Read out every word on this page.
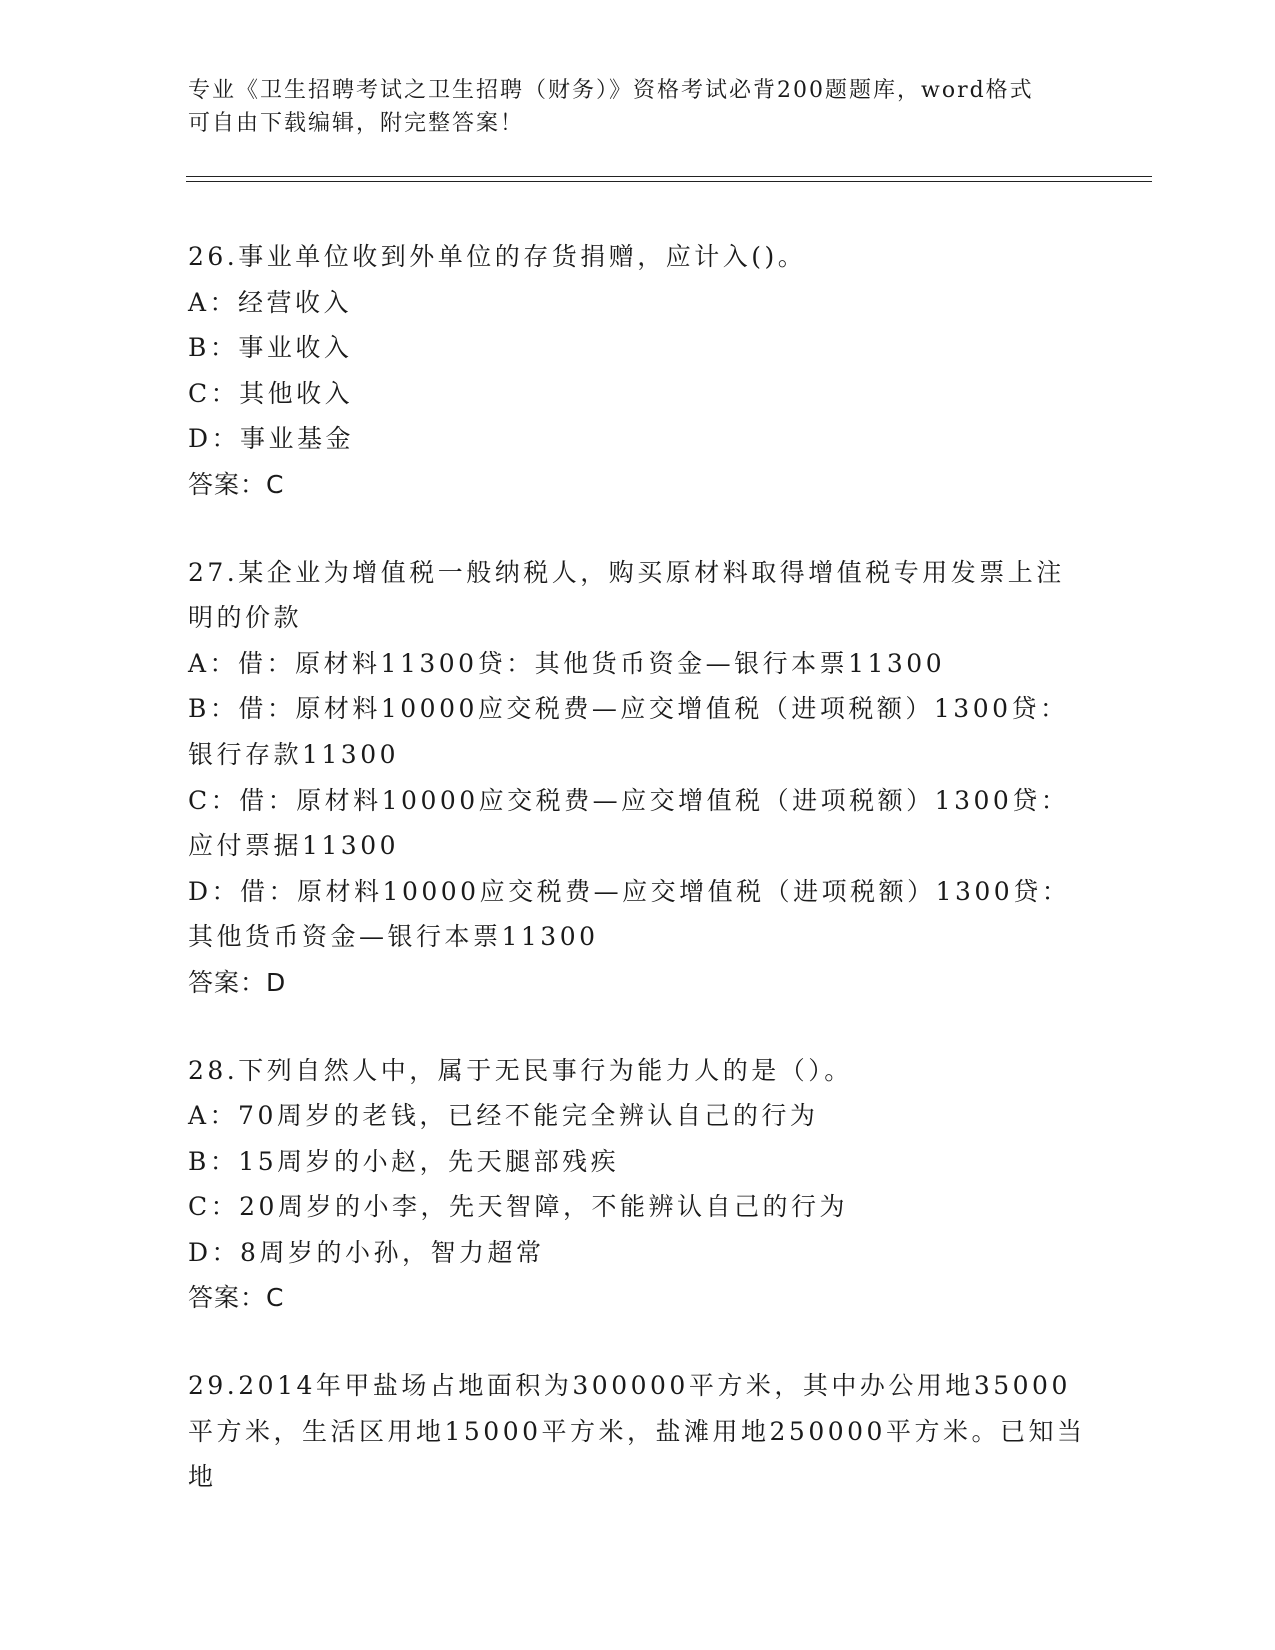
专业《卫生招聘考试之卫生招聘（财务）》资格考试必背200题题库，word格式
可自由下载编辑，附完整答案！
26.事业单位收到外单位的存货捐赠，应计入()。
A：经营收入
B：事业收入
C：其他收入
D：事业基金
答案：C
27.某企业为增值税一般纳税人，购买原材料取得增值税专用发票上注明的价款
A：借：原材料11300贷：其他货币资金—银行本票11300
B：借：原材料10000应交税费—应交增值税（进项税额）1300贷：银行存款11300
C：借：原材料10000应交税费—应交增值税（进项税额）1300贷：应付票据11300
D：借：原材料10000应交税费—应交增值税（进项税额）1300贷：其他货币资金—银行本票11300
答案：D
28.下列自然人中，属于无民事行为能力人的是（）。
A：70周岁的老钱，已经不能完全辨认自己的行为
B：15周岁的小赵，先天腿部残疾
C：20周岁的小李，先天智障，不能辨认自己的行为
D：8周岁的小孙，智力超常
答案：C
29.2014年甲盐场占地面积为300000平方米，其中办公用地35000平方米，生活区用地15000平方米，盐滩用地250000平方米。已知当地
